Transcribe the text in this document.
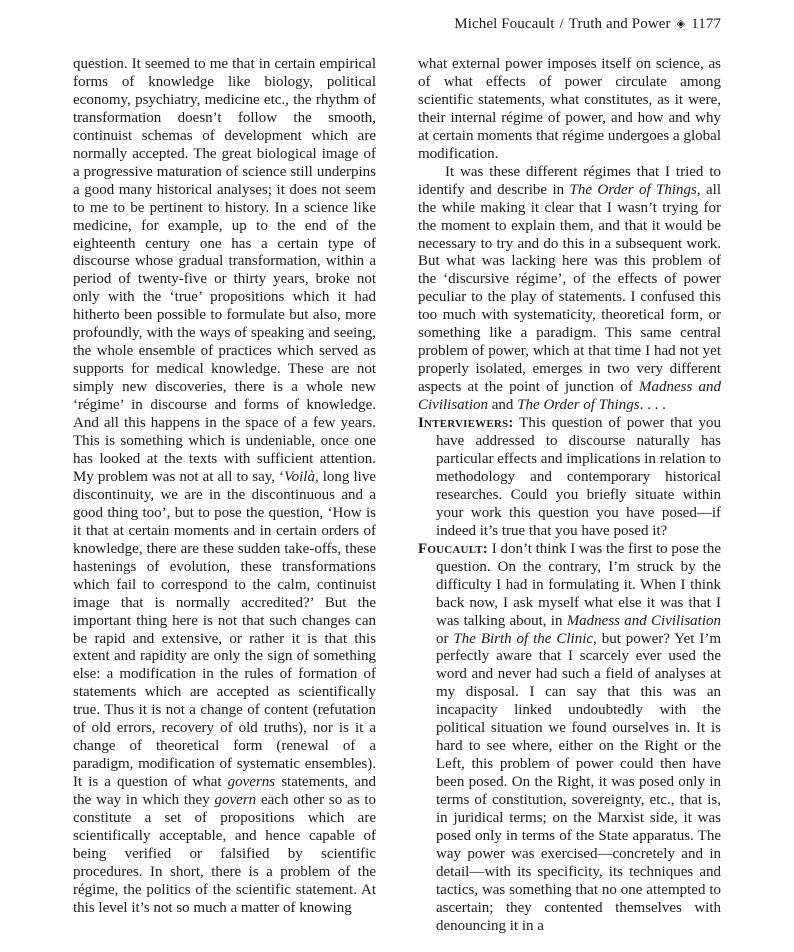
Michel Foucault / Truth and Power ◈ 1177

question. It seemed to me that in certain empirical forms of knowledge like biology, political economy, psychiatry, medicine etc., the rhythm of transformation doesn’t follow the smooth, continuist schemas of development which are normally accepted. The great biological image of a progressive maturation of science still underpins a good many historical analyses; it does not seem to me to be pertinent to history. In a science like medicine, for example, up to the end of the eighteenth century one has a certain type of discourse whose gradual transformation, within a period of twenty-five or thirty years, broke not only with the ‘true’ propositions which it had hitherto been possible to formulate but also, more profoundly, with the ways of speaking and seeing, the whole ensemble of practices which served as supports for medical knowledge. These are not simply new discoveries, there is a whole new ‘régime’ in discourse and forms of knowledge. And all this happens in the space of a few years. This is something which is undeniable, once one has looked at the texts with sufficient attention. My problem was not at all to say, ‘Voilà, long live discontinuity, we are in the discontinuous and a good thing too’, but to pose the question, ‘How is it that at certain moments and in certain orders of knowledge, there are these sudden take-offs, these hastenings of evolution, these transformations which fail to correspond to the calm, continuist image that is normally accredited?’ But the important thing here is not that such changes can be rapid and extensive, or rather it is that this extent and rapidity are only the sign of something else: a modification in the rules of formation of statements which are accepted as scientifically true. Thus it is not a change of content (refutation of old errors, recovery of old truths), nor is it a change of theoretical form (renewal of a paradigm, modification of systematic ensembles). It is a question of what governs statements, and the way in which they govern each other so as to constitute a set of propositions which are scientifically acceptable, and hence capable of being verified or falsified by scientific procedures. In short, there is a problem of the régime, the politics of the scientific statement. At this level it’s not so much a matter of knowing

what external power imposes itself on science, as of what effects of power circulate among scientific statements, what constitutes, as it were, their internal régime of power, and how and why at certain moments that régime undergoes a global modification.

It was these different régimes that I tried to identify and describe in The Order of Things, all the while making it clear that I wasn’t trying for the moment to explain them, and that it would be necessary to try and do this in a subsequent work. But what was lacking here was this problem of the ‘discursive régime’, of the effects of power peculiar to the play of statements. I confused this too much with systematicity, theoretical form, or something like a paradigm. This same central problem of power, which at that time I had not yet properly isolated, emerges in two very different aspects at the point of junction of Madness and Civilisation and The Order of Things. . . .

Interviewers: This question of power that you have addressed to discourse naturally has particular effects and implications in relation to methodology and contemporary historical researches. Could you briefly situate within your work this question you have posed—if indeed it’s true that you have posed it?

Foucault: I don’t think I was the first to pose the question. On the contrary, I’m struck by the difficulty I had in formulating it. When I think back now, I ask myself what else it was that I was talking about, in Madness and Civilisation or The Birth of the Clinic, but power? Yet I’m perfectly aware that I scarcely ever used the word and never had such a field of analyses at my disposal. I can say that this was an incapacity linked undoubtedly with the political situation we found ourselves in. It is hard to see where, either on the Right or the Left, this problem of power could then have been posed. On the Right, it was posed only in terms of constitution, sovereignty, etc., that is, in juridical terms; on the Marxist side, it was posed only in terms of the State apparatus. The way power was exercised—concretely and in detail—with its specificity, its techniques and tactics, was something that no one attempted to ascertain; they contented themselves with denouncing it in a
